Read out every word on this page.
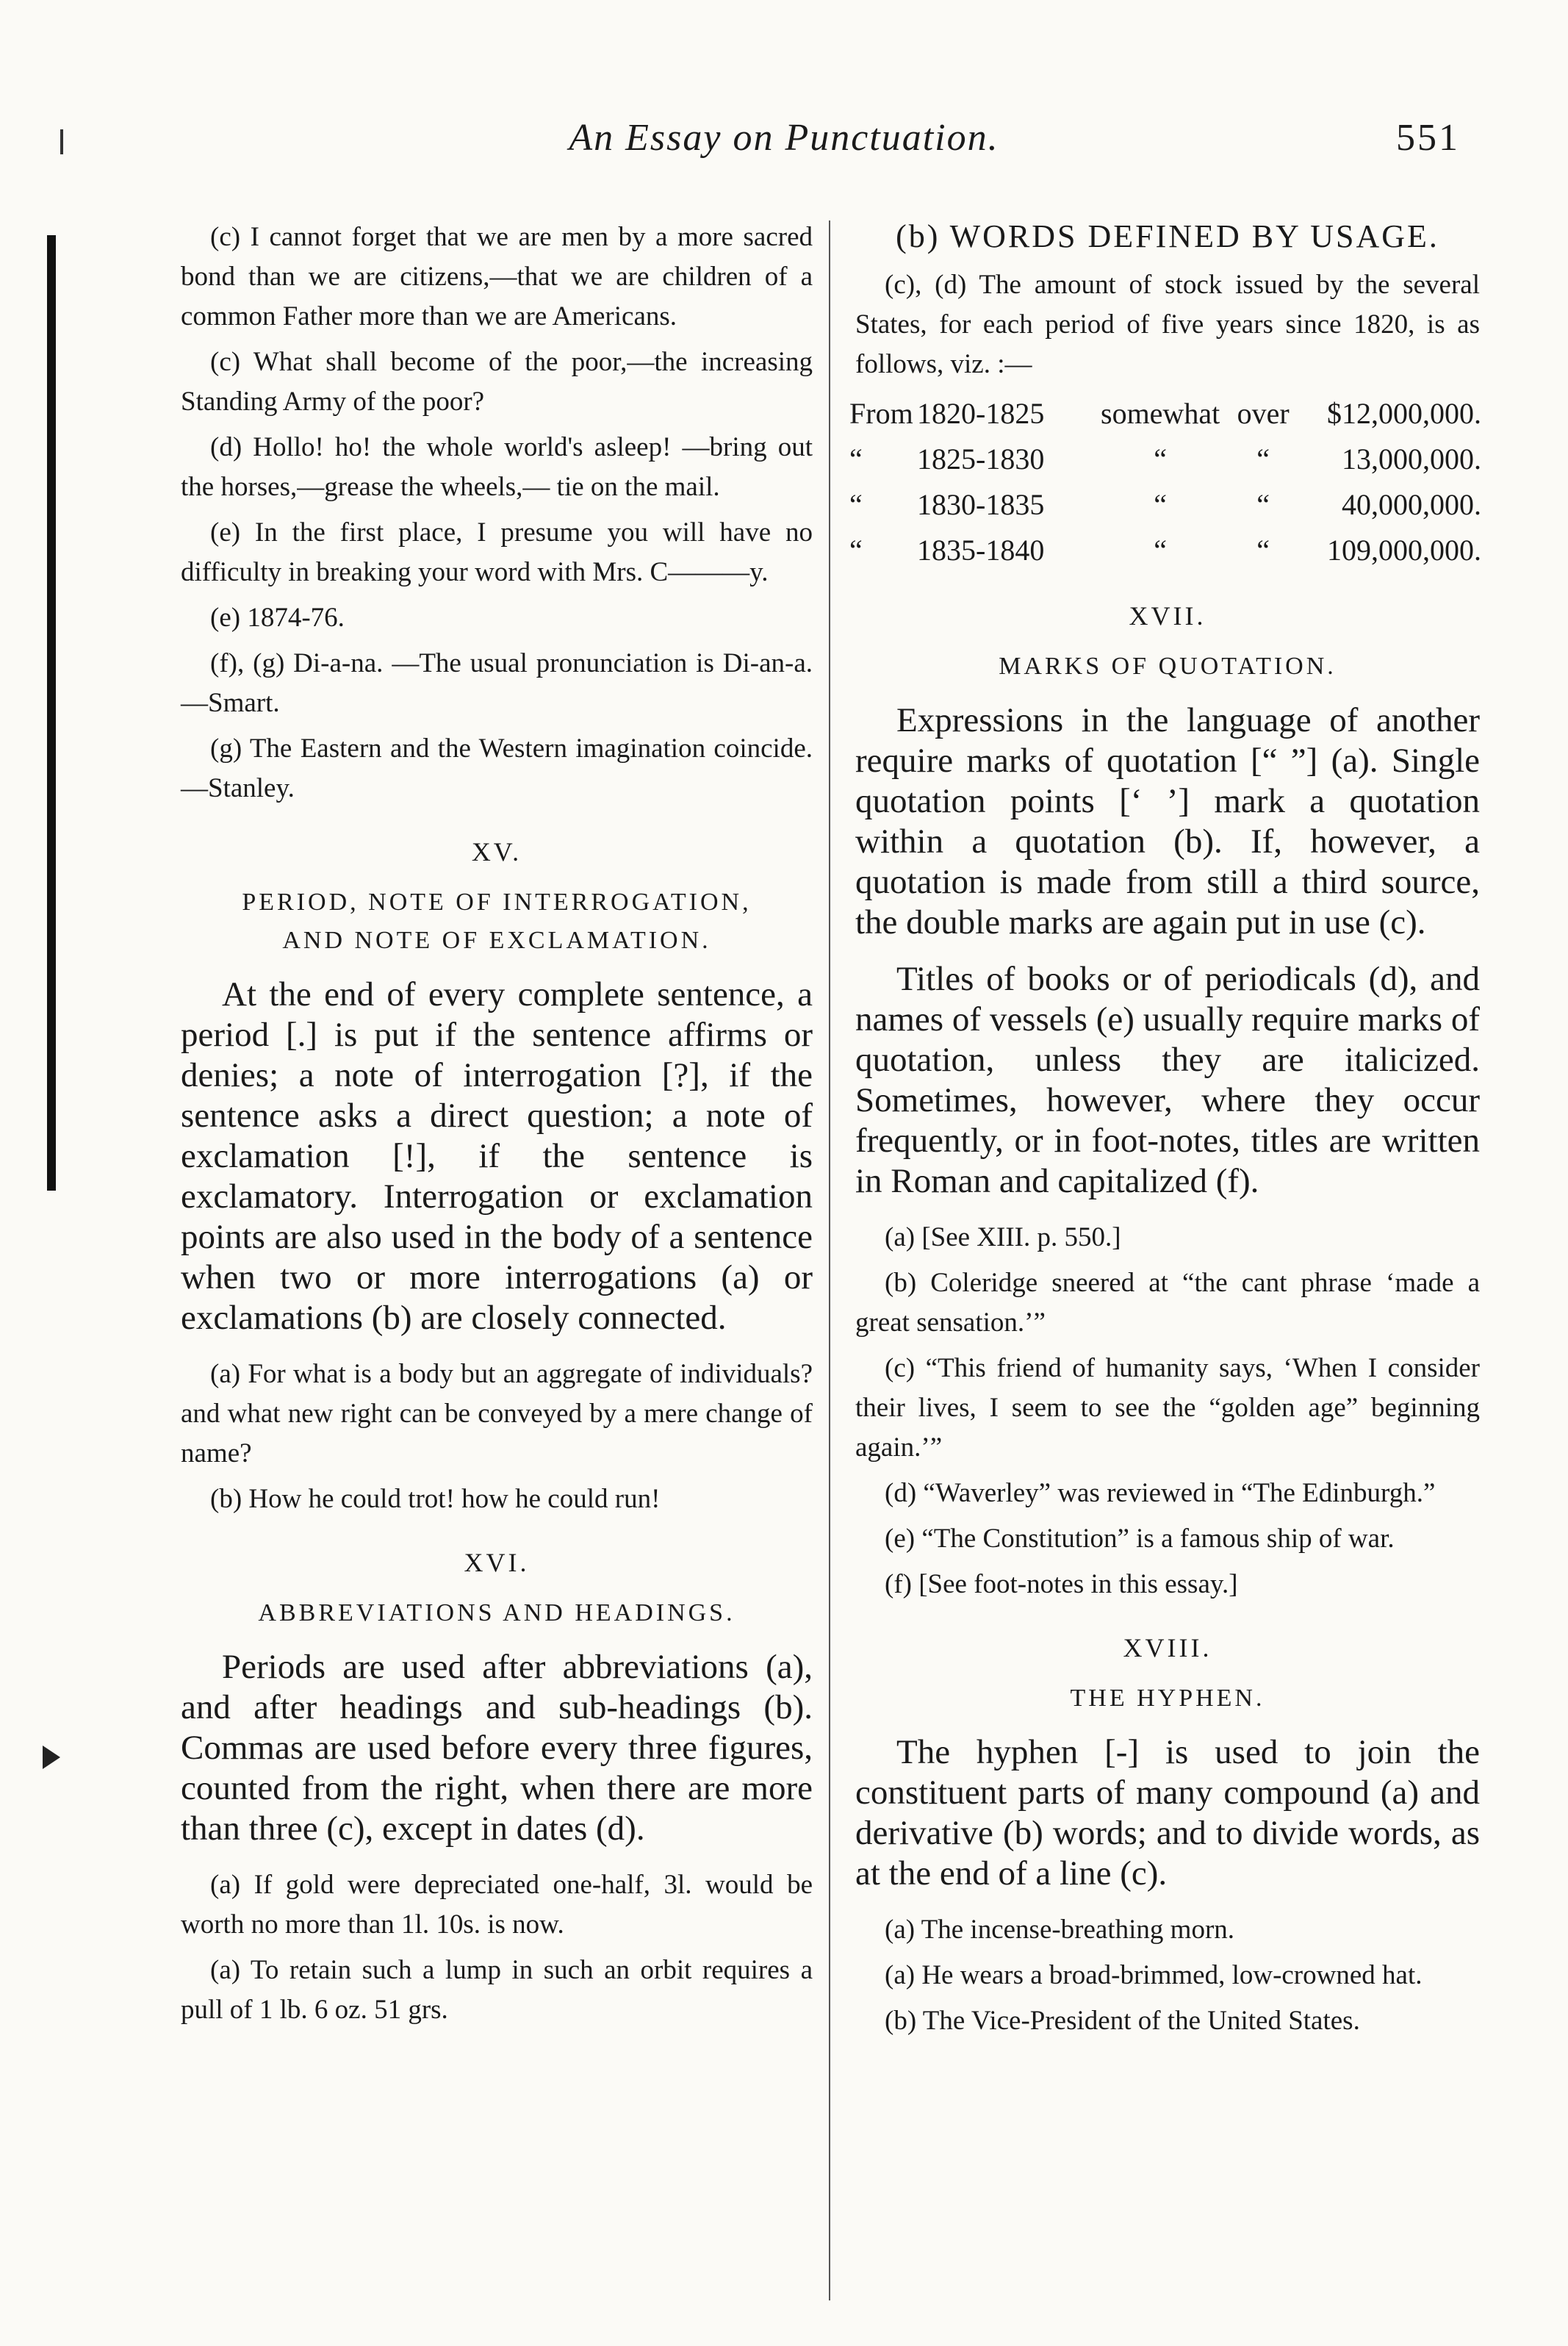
An Essay on Punctuation.	551

(c) I cannot forget that we are men by a more sacred bond than we are citizens,—that we are children of a common Father more than we are Americans.

(c) What shall become of the poor,—the increasing Standing Army of the poor?

(d) Hollo! ho! the whole world's asleep! —bring out the horses,—grease the wheels,— tie on the mail.

(e) In the first place, I presume you will have no difficulty in breaking your word with Mrs. C———y.

(e) 1874-76.

(f), (g) Di-a-na. —The usual pronunciation is Di-an-a.—Smart.

(g) The Eastern and the Western imagination coincide.—Stanley.

XV.
PERIOD, NOTE OF INTERROGATION,
AND NOTE OF EXCLAMATION.

At the end of every complete sentence, a period [.] is put if the sentence affirms or denies; a note of interrogation [?], if the sentence asks a direct question; a note of exclamation [!], if the sentence is exclamatory. Interrogation or exclamation points are also used in the body of a sentence when two or more interrogations (a) or exclamations (b) are closely connected.

(a) For what is a body but an aggregate of individuals? and what new right can be conveyed by a mere change of name?

(b) How he could trot! how he could run!

XVI.
ABBREVIATIONS AND HEADINGS.

Periods are used after abbreviations (a), and after headings and sub-headings (b). Commas are used before every three figures, counted from the right, when there are more than three (c), except in dates (d).

(a) If gold were depreciated one-half, 3l. would be worth no more than 1l. 10s. is now.

(a) To retain such a lump in such an orbit requires a pull of 1 lb. 6 oz. 51 grs.

(b) WORDS DEFINED BY USAGE.

(c), (d) The amount of stock issued by the several States, for each period of five years since 1820, is as follows, viz. :—

From	1820-1825	somewhat	over	$12,000,000.
“	1825-1830	“	“	13,000,000.
“	1830-1835	“	“	40,000,000.
“	1835-1840	“	“	109,000,000.
XVII.
MARKS OF QUOTATION.

Expressions in the language of another require marks of quotation [“ ”] (a). Single quotation points [‘ ’] mark a quotation within a quotation (b). If, however, a quotation is made from still a third source, the double marks are again put in use (c).

Titles of books or of periodicals (d), and names of vessels (e) usually require marks of quotation, unless they are italicized. Sometimes, however, where they occur frequently, or in foot-notes, titles are written in Roman and capitalized (f).

(a) [See XIII. p. 550.]

(b) Coleridge sneered at “the cant phrase ‘made a great sensation.’”

(c) “This friend of humanity says, ‘When I consider their lives, I seem to see the “golden age” beginning again.’”

(d) “Waverley” was reviewed in “The Edinburgh.”

(e) “The Constitution” is a famous ship of war.

(f) [See foot-notes in this essay.]

XVIII.
THE HYPHEN.

The hyphen [-] is used to join the constituent parts of many compound (a) and derivative (b) words; and to divide words, as at the end of a line (c).

(a) The incense-breathing morn.

(a) He wears a broad-brimmed, low-crowned hat.

(b) The Vice-President of the United States.
